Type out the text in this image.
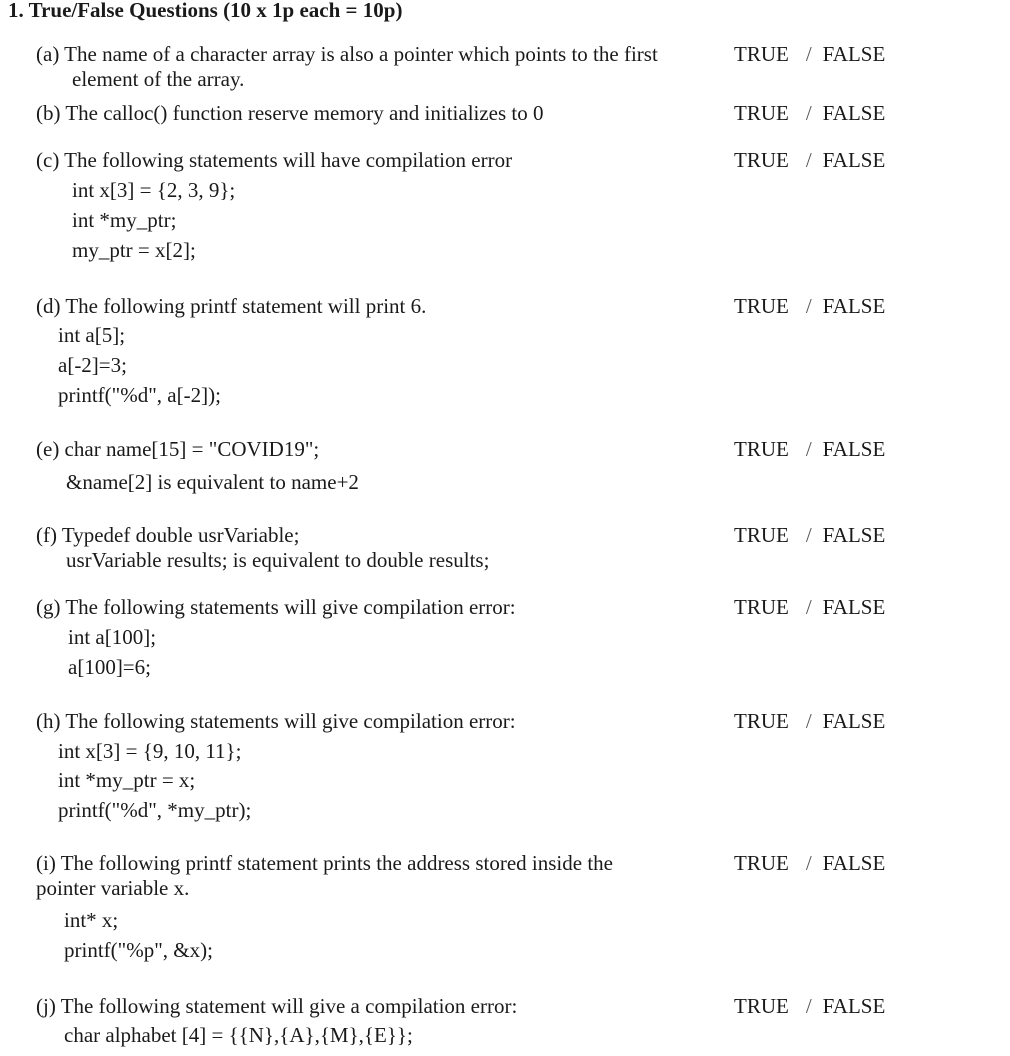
1. True/False Questions (10 x 1p each = 10p)
(a) The name of a character array is also a pointer which points to the first
element of the array.
TRUE / FALSE
(b) The calloc() function reserve memory and initializes to 0	TRUE / FALSE
(c) The following statements will have compilation error
int x[3] = {2, 3, 9};
int *my_ptr;
my_ptr = x[2];
TRUE / FALSE
(d) The following printf statement will print 6.
int a[5];
a[-2]=3;
printf("%d", a[-2]);
TRUE / FALSE
(e) char name[15] = "COVID19";
&name[2] is equivalent to name+2
TRUE / FALSE
(f) Typedef double usrVariable;
usrVariable results; is equivalent to double results;
TRUE / FALSE
(g) The following statements will give compilation error:
int a[100];
a[100]=6;
TRUE / FALSE
(h) The following statements will give compilation error:
int x[3] = {9, 10, 11};
int *my_ptr = x;
printf("%d", *my_ptr);
TRUE / FALSE
(i) The following printf statement prints the address stored inside the
pointer variable x.
int* x;
printf("%p", &x);
TRUE / FALSE
(j) The following statement will give a compilation error:
char alphabet [4] = {{N},{A},{M},{E}};
TRUE / FALSE
